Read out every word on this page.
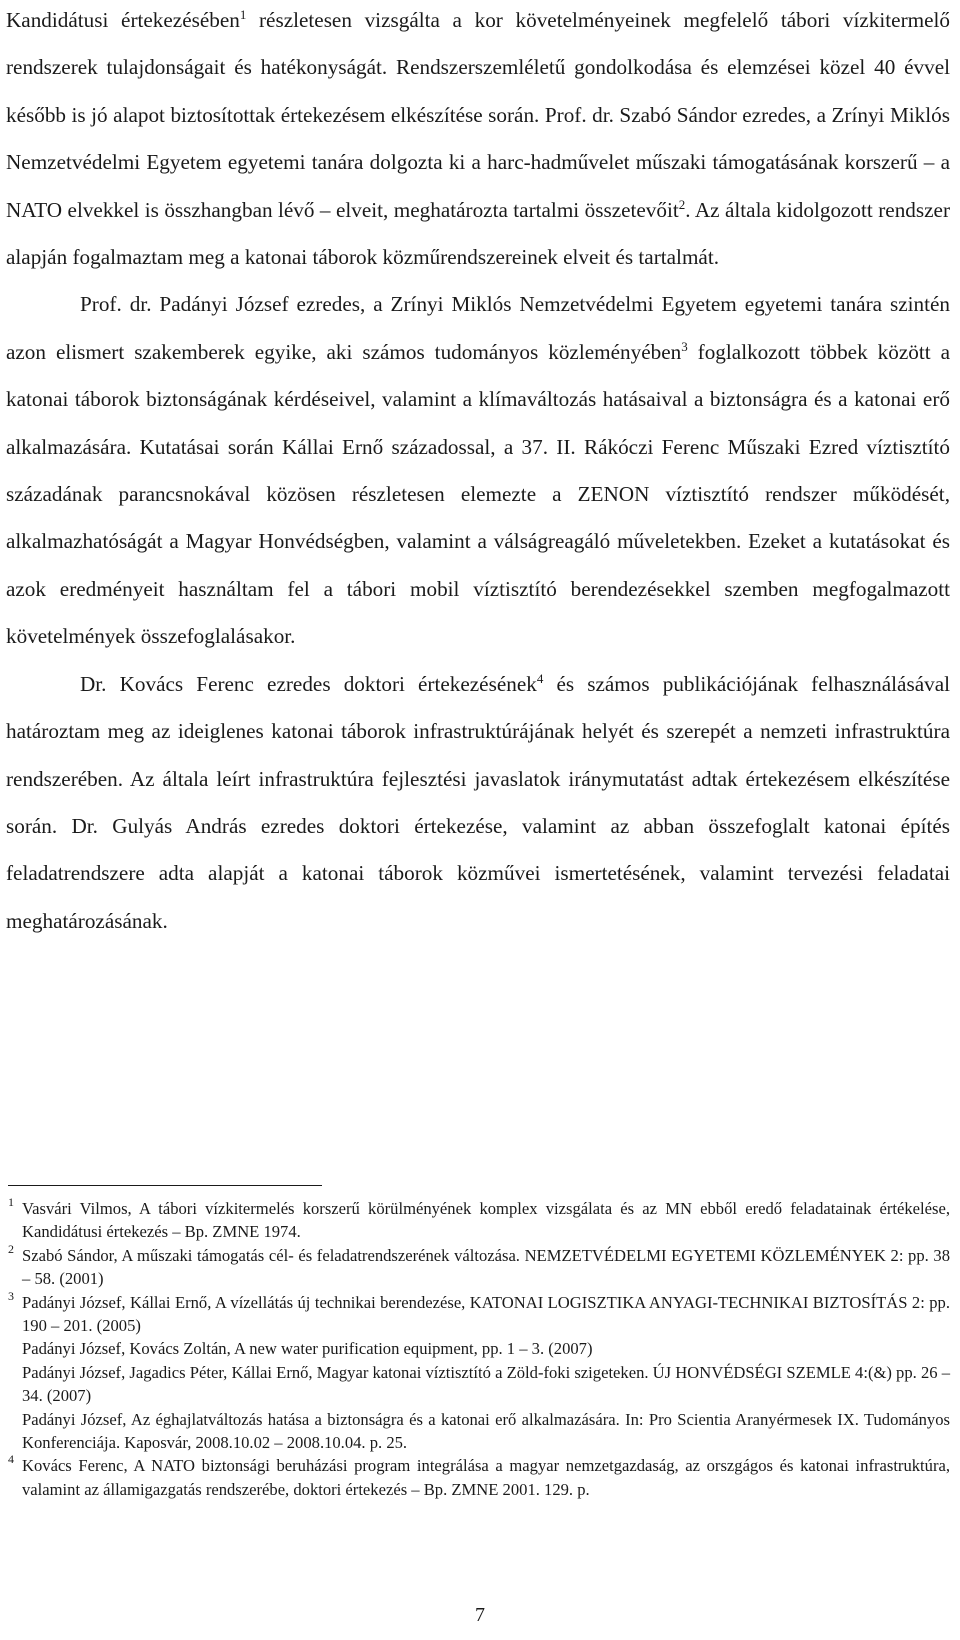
Kandidátusi értekezésében$^1$ részletesen vizsgálta a kor követelményeinek megfelelő tábori vízkitermelő rendszerek tulajdonságait és hatékonyságát. Rendszerszemléletű gondolkodása és elemzései közel 40 évvel később is jó alapot biztosítottak értekezésem elkészítése során. Prof. dr. Szabó Sándor ezredes, a Zrínyi Miklós Nemzetvédelmi Egyetem egyetemi tanára dolgozta ki a harc-hadművelet műszaki támogatásának korszerű – a NATO elvekkel is összhangban lévő – elveit, meghatározta tartalmi összetevőit$^2$. Az általa kidolgozott rendszer alapján fogalmaztam meg a katonai táborok közműrendszereinek elveit és tartalmát.

Prof. dr. Padányi József ezredes, a Zrínyi Miklós Nemzetvédelmi Egyetem egyetemi tanára szintén azon elismert szakemberek egyike, aki számos tudományos közleményében$^3$ foglalkozott többek között a katonai táborok biztonságának kérdéseivel, valamint a klímaváltozás hatásaival a biztonságra és a katonai erő alkalmazására. Kutatásai során Kállai Ernő századossal, a 37. II. Rákóczi Ferenc Műszaki Ezred víztisztító századának parancsnokával közösen részletesen elemezte a ZENON víztisztító rendszer működését, alkalmazhatóságát a Magyar Honvédségben, valamint a válságreagáló műveletekben. Ezeket a kutatásokat és azok eredményeit használtam fel a tábori mobil víztisztító berendezésekkel szemben megfogalmazott követelmények összefoglalásakor.

Dr. Kovács Ferenc ezredes doktori értekezésének$^4$ és számos publikációjának felhasználásával határoztam meg az ideiglenes katonai táborok infrastruktúrájának helyét és szerepét a nemzeti infrastruktúra rendszerében. Az általa leírt infrastruktúra fejlesztési javaslatok iránymutatást adtak értekezésem elkészítése során. Dr. Gulyás András ezredes doktori értekezése, valamint az abban összefoglalt katonai építés feladatrendszere adta alapját a katonai táborok közművei ismertetésének, valamint tervezési feladatai meghatározásának.

1 Vasvári Vilmos, A tábori vízkitermelés korszerű körülményének komplex vizsgálata és az MN ebből eredő feladatainak értékelése, Kandidátusi értekezés – Bp. ZMNE 1974.

2 Szabó Sándor, A műszaki támogatás cél- és feladatrendszerének változása. NEMZETVÉDELMI EGYETEMI KÖZLEMÉNYEK 2: pp. 38 – 58. (2001)

3 Padányi József, Kállai Ernő, A vízellátás új technikai berendezése, KATONAI LOGISZTIKA ANYAGI-TECHNIKAI BIZTOSÍTÁS 2: pp. 190 – 201. (2005)

Padányi József, Kovács Zoltán, A new water purification equipment, pp. 1 – 3. (2007)

Padányi József, Jagadics Péter, Kállai Ernő, Magyar katonai víztisztító a Zöld-foki szigeteken. ÚJ HONVÉDSÉGI SZEMLE 4:(&) pp. 26 – 34. (2007)

Padányi József, Az éghajlatváltozás hatása a biztonságra és a katonai erő alkalmazására. In: Pro Scientia Aranyérmesek IX. Tudományos Konferenciája. Kaposvár, 2008.10.02 – 2008.10.04. p. 25.

4 Kovács Ferenc, A NATO biztonsági beruházási program integrálása a magyar nemzetgazdaság, az orszgágos és katonai infrastruktúra, valamint az államigazgatás rendszerébe, doktori értekezés – Bp. ZMNE 2001. 129. p.

7
